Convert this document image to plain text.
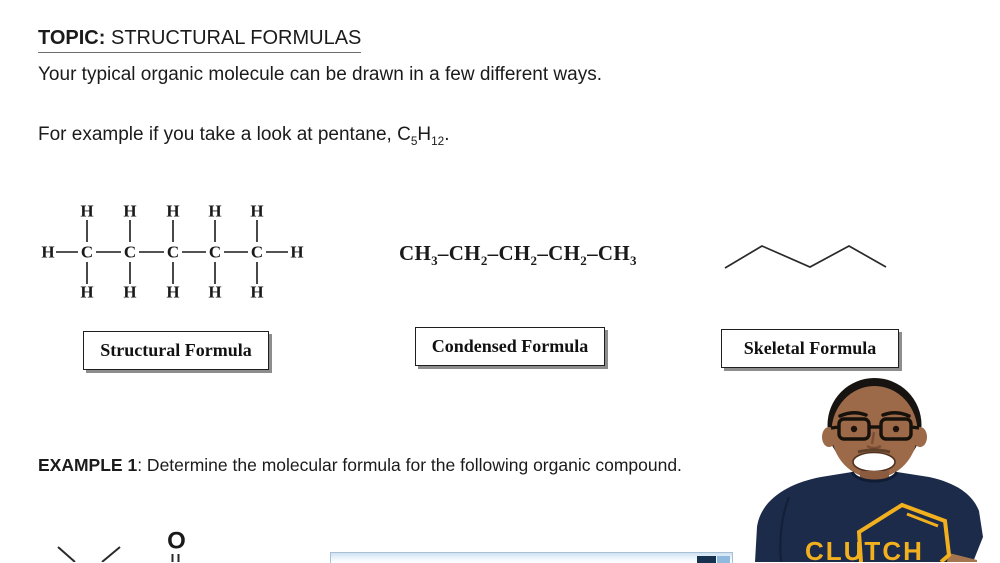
TOPIC: STRUCTURAL FORMULAS
Your typical organic molecule can be drawn in a few different ways.
For example if you take a look at pentane, $C_5H_{12}$.
H C C C C C H
H H H H H
H H H H H
$CH_3-CH_2-CH_2-CH_2-CH_3$
Structural Formula	Condensed Formula	Skeletal Formula
EXAMPLE 1: Determine the molecular formula for the following organic compound.
O	CLUTCH
